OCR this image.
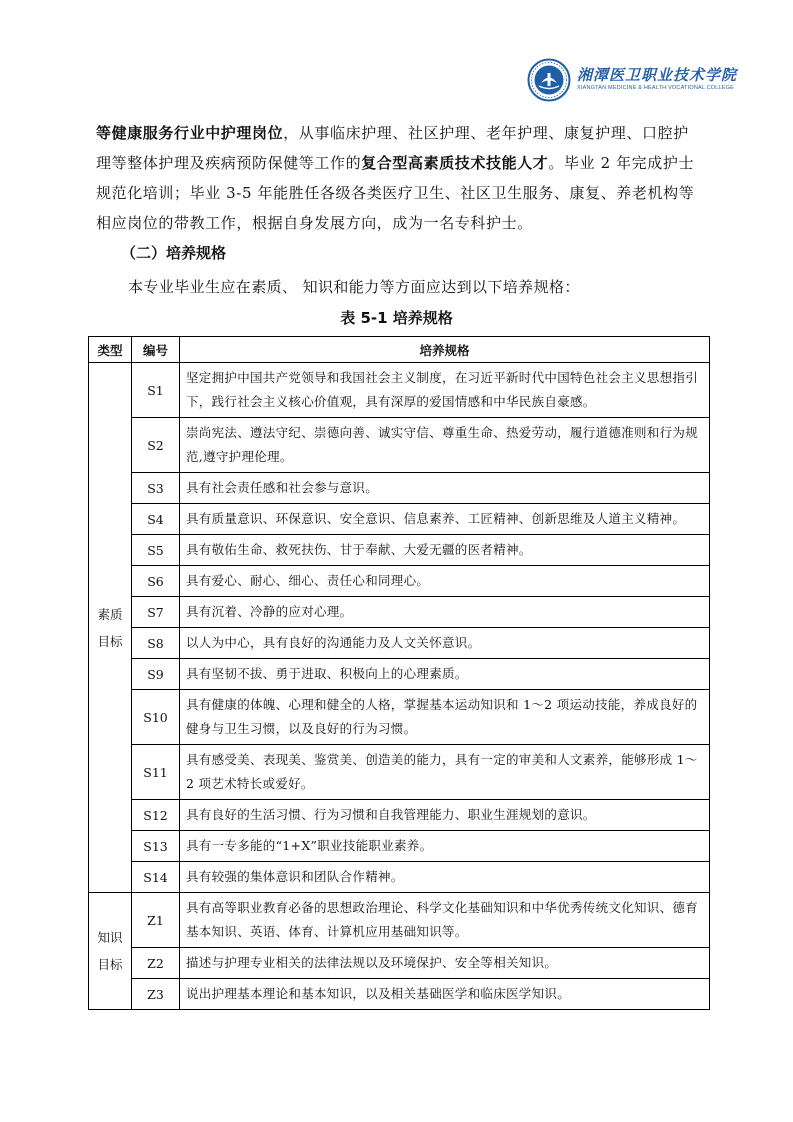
湘潭医卫职业技术学院
XIANGTAN MEDICINE & HEALTH VOCATIONAL COLLEGE
等健康服务行业中护理岗位，从事临床护理、社区护理、老年护理、康复护理、口腔护
理等整体护理及疾病预防保健等工作的复合型高素质技术技能人才。毕业 2 年完成护士
规范化培训；毕业 3-5 年能胜任各级各类医疗卫生、社区卫生服务、康复、养老机构等
相应岗位的带教工作，根据自身发展方向，成为一名专科护士。
（二）培养规格
本专业毕业生应在素质、 知识和能力等方面应达到以下培养规格：
表 5-1 培养规格
类型	编号	培养规格

素质
目标	S1	坚定拥护中国共产党领导和我国社会主义制度，在习近平新时代中国特色社会主义思想指引下，践行社会主义核心价值观，具有深厚的爱国情感和中华民族自豪感。
	S2	崇尚宪法、遵法守纪、崇德向善、诚实守信、尊重生命、热爱劳动，履行道德准则和行为规范,遵守护理伦理。
	S3	具有社会责任感和社会参与意识。
	S4	具有质量意识、环保意识、安全意识、信息素养、工匠精神、创新思维及人道主义精神。
	S5	具有敬佑生命、救死扶伤、甘于奉献、大爱无疆的医者精神。
	S6	具有爱心、耐心、细心、责任心和同理心。
	S7	具有沉着、冷静的应对心理。
	S8	以人为中心，具有良好的沟通能力及人文关怀意识。
	S9	具有坚韧不拔、勇于进取、积极向上的心理素质。
	S10	具有健康的体魄、心理和健全的人格，掌握基本运动知识和 1～2 项运动技能，养成良好的健身与卫生习惯，以及良好的行为习惯。
	S11	具有感受美、表现美、鉴赏美、创造美的能力，具有一定的审美和人文素养，能够形成 1～2 项艺术特长或爱好。
	S12	具有良好的生活习惯、行为习惯和自我管理能力、职业生涯规划的意识。
	S13	具有一专多能的“1+X”职业技能职业素养。
	S14	具有较强的集体意识和团队合作精神。

知识
目标	Z1	具有高等职业教育必备的思想政治理论、科学文化基础知识和中华优秀传统文化知识、德育基本知识、英语、体育、计算机应用基础知识等。
	Z2	描述与护理专业相关的法律法规以及环境保护、安全等相关知识。
	Z3	说出护理基本理论和基本知识，以及相关基础医学和临床医学知识。
